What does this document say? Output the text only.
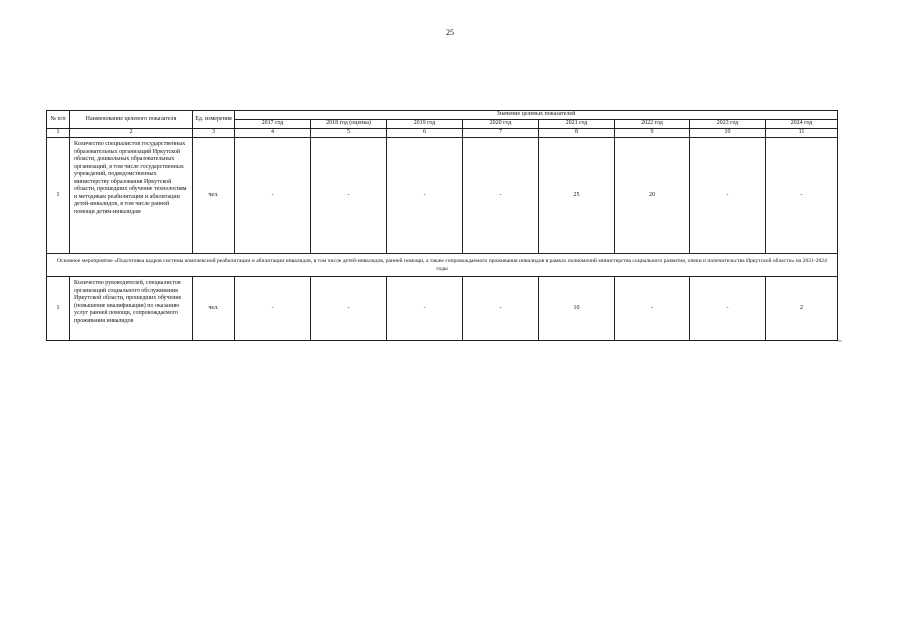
25
№ п/п	Наименование целевого показателя	Ед. измерения	Значение целевых показателей							
			2017 год	2018 год (оценка)	2019 год	2020 год	2021 год	2022 год	2023 год	2024 год
1	2	3	4	5	6	7	8	9	10	11
1	Количество специалистов государственных образовательных организаций Иркутской области, дошкольных образовательных организаций, в том числе государственных учреждений, подведомственных министерству образования Иркутской области, прошедших обучение технологиям и методикам реабилитации и абилитации детей-инвалидов, в том числе ранней помощи детям-инвалидам	чел.	-	-	-	-	25	20	-	-
Основное мероприятие «Подготовка кадров системы комплексной реабилитации и абилитации инвалидов, в том числе детей-инвалидов, ранней помощи, а также сопровождаемого проживания инвалидов в рамках полномочий министерства социального развития, опеки и попечительства Иркутской области» на 2021-2024 годы										
1	Количество руководителей, специалистов организаций социального обслуживания Иркутской области, прошедших обучение (повышение квалификации) по оказанию услуг ранней помощи, сопровождаемого проживания инвалидов	чел.	-	-	-	-	10	-	-	2
».
